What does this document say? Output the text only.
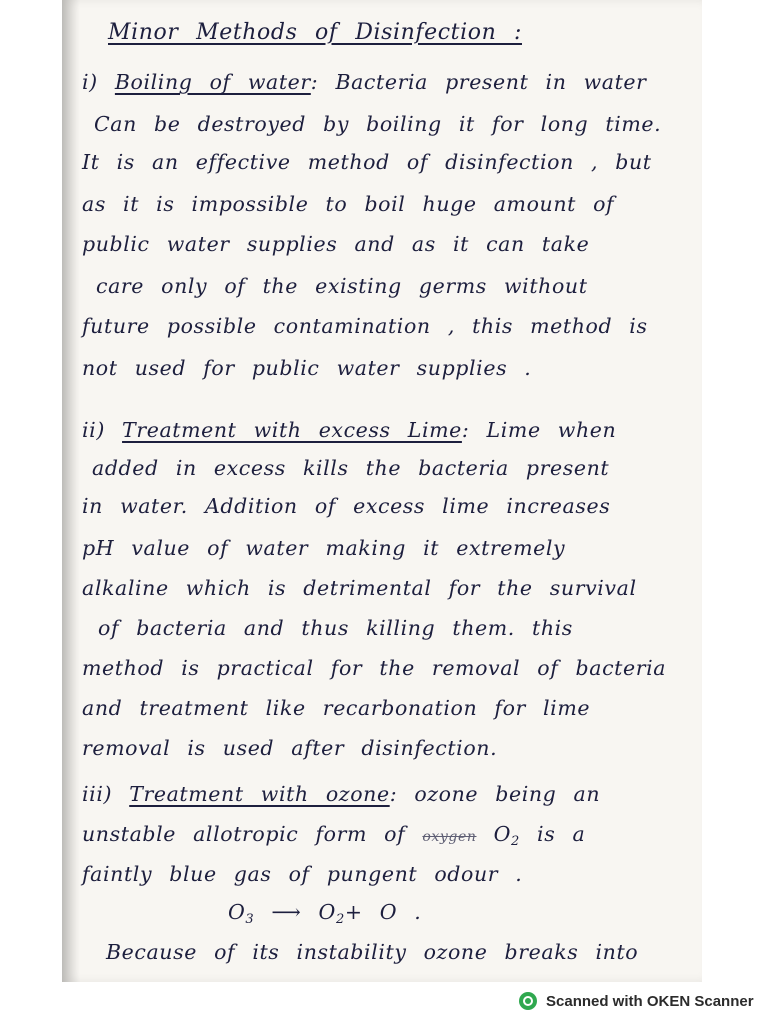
Minor Methods of Disinfection :
i) Boiling of water: Bacteria present in water
Can be destroyed by boiling it for long time.
It is an effective method of disinfection , but
as it is impossible to boil huge amount of
public water supplies and as it can take
care only of the existing germs without
future possible contamination , this method is
not used for public water supplies .
ii) Treatment with excess Lime: Lime when
added in excess kills the bacteria present
in water. Addition of excess lime increases
pH value of water making it extremely
alkaline which is detrimental for the survival
of bacteria and thus killing them. this
method is practical for the removal of bacteria
and treatment like recarbonation for lime
removal is used after disinfection.
iii) Treatment with ozone: ozone being an
unstable allotropic form of oxygen $O_2$ is a
faintly blue gas of pungent odour .
$O_3$ ⟶ $O_2+ O$ .
Because of its instability ozone breaks into
Scanned with OKEN Scanner
